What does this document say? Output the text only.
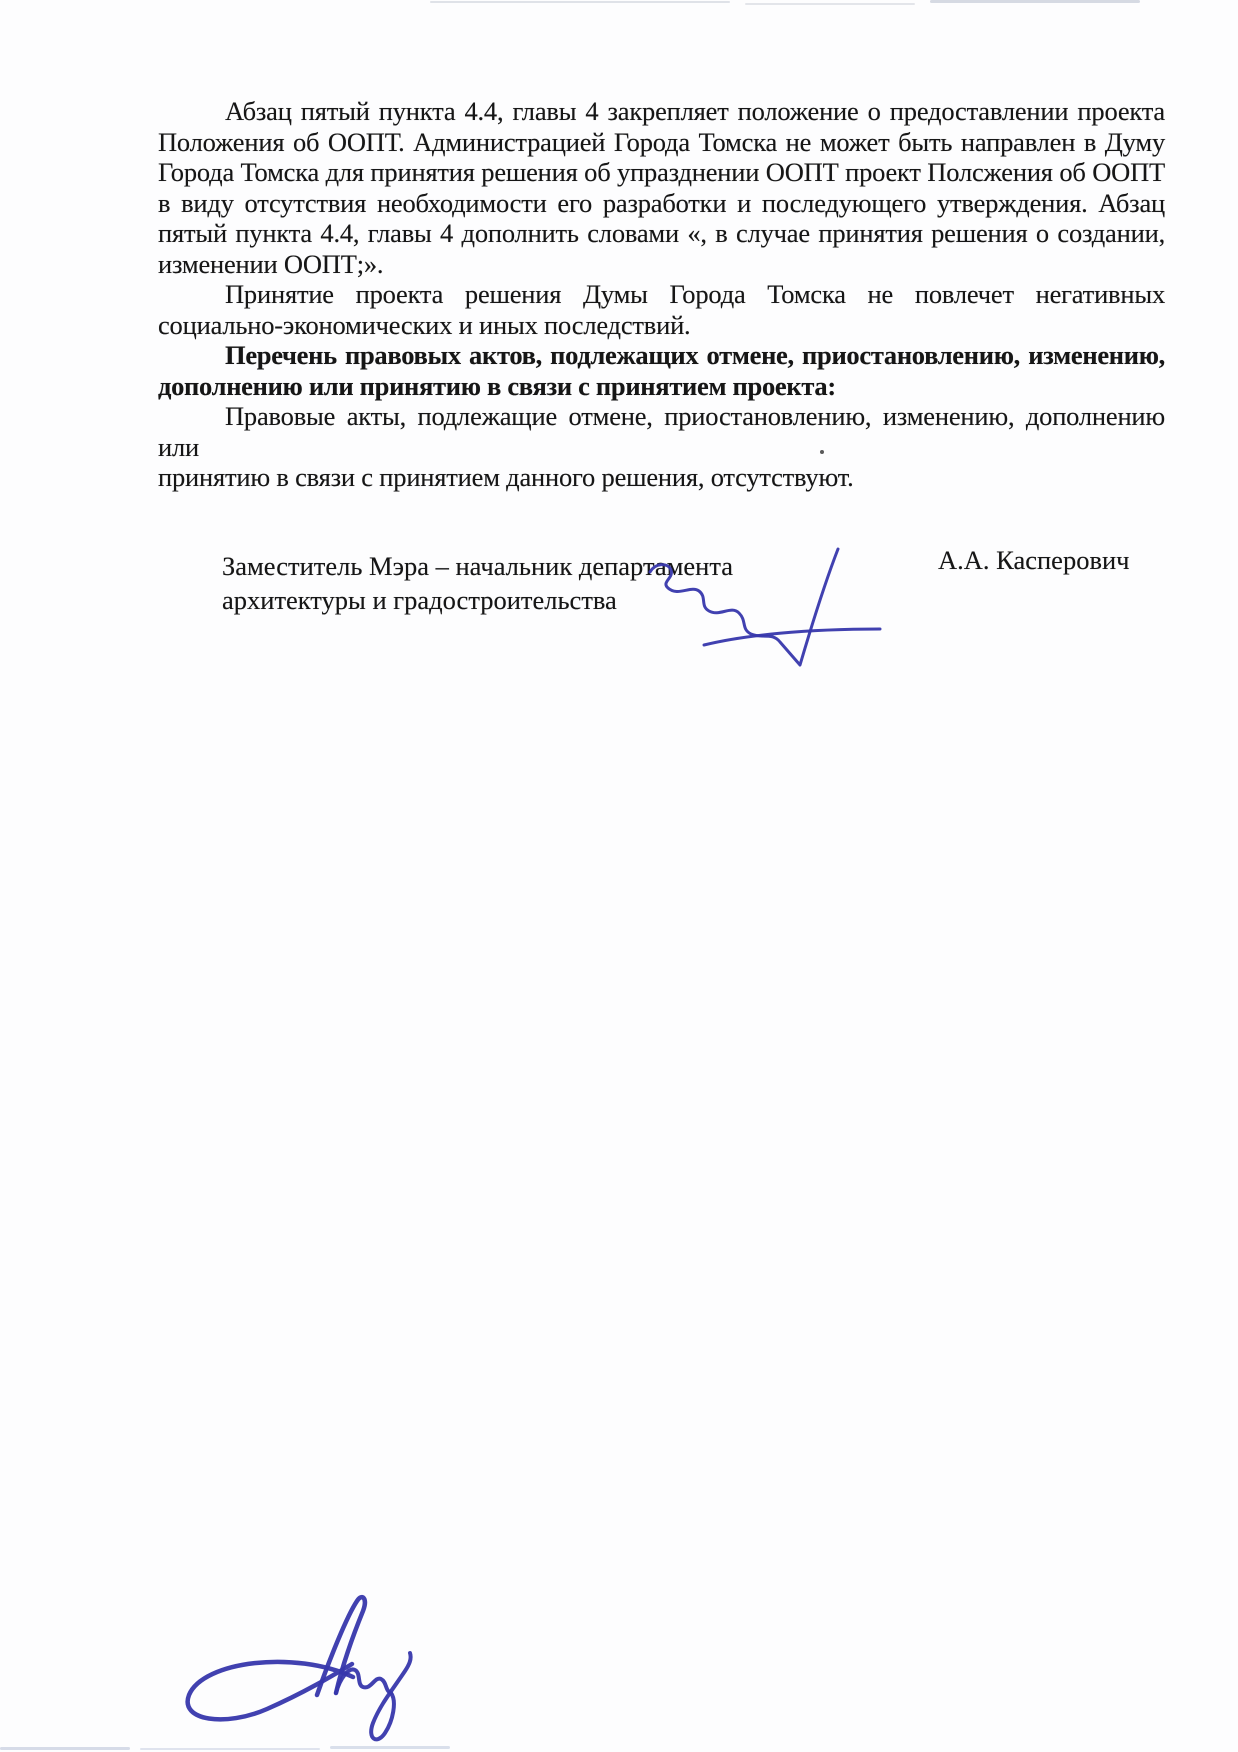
Абзац пятый пункта 4.4, главы 4 закрепляет положение о предоставлении проекта
Положения об ООПТ. Администрацией Города Томска не может быть направлен в Думу
Города Томска для принятия решения об упразднении ООПТ проект Полсжения об ООПТ
в виду отсутствия необходимости его разработки и последующего утверждения. Абзац
пятый пункта 4.4, главы 4 дополнить словами «, в случае принятия решения о создании,
изменении ООПТ;».
Принятие проекта решения Думы Города Томска не повлечет негативных
социально-экономических и иных последствий.
Перечень правовых актов, подлежащих отмене, приостановлению, изменению,
дополнению или принятию в связи с принятием проекта:
Правовые акты, подлежащие отмене, приостановлению, изменению, дополнению или
принятию в связи с принятием данного решения, отсутствуют.
Заместитель Мэра – начальник департамента
архитектуры и градостроительства
А.А. Касперович
